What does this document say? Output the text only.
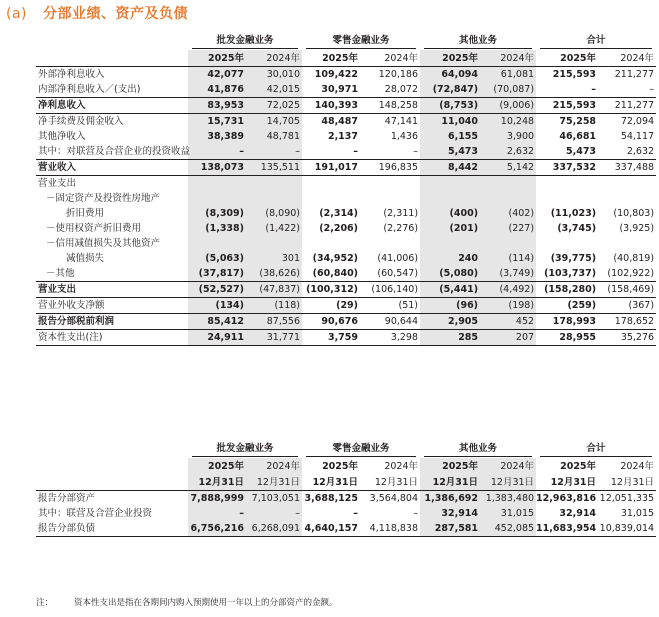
(a) 分部业绩、资产及负债

	批发金融业务		零售金融业务		其他业务		合计	

	2025年	2024年	2025年	2024年	2025年	2024年	2025年	2024年
外部净利息收入	42,077	30,010	109,422	120,186	64,094	61,081	215,593	211,277
内部净利息收入／(支出)	41,876	42,015	30,971	28,072	(72,847)	(70,087)	–	–
净利息收入	83,953	72,025	140,393	148,258	(8,753)	(9,006)	215,593	211,277
净手续费及佣金收入	15,731	14,705	48,487	47,141	11,040	10,248	75,258	72,094
其他净收入	38,389	48,781	2,137	1,436	6,155	3,900	46,681	54,117
其中：对联营及合营企业的投资收益	–	–	–	–	5,473	2,632	5,473	2,632
营业收入	138,073	135,511	191,017	196,835	8,442	5,142	337,532	337,488
营业支出								
－固定资产及投资性房地产								
折旧费用	(8,309)	(8,090)	(2,314)	(2,311)	(400)	(402)	(11,023)	(10,803)
－使用权资产折旧费用	(1,338)	(1,422)	(2,206)	(2,276)	(201)	(227)	(3,745)	(3,925)
－信用减值损失及其他资产								
减值损失	(5,063)	301	(34,952)	(41,006)	240	(114)	(39,775)	(40,819)
－其他	(37,817)	(38,626)	(60,840)	(60,547)	(5,080)	(3,749)	(103,737)	(102,922)
营业支出	(52,527)	(47,837)	(100,312)	(106,140)	(5,441)	(4,492)	(158,280)	(158,469)
营业外收支净额	(134)	(118)	(29)	(51)	(96)	(198)	(259)	(367)
报告分部税前利润	85,412	87,556	90,676	90,644	2,905	452	178,993	178,652
资本性支出(注)	24,911	31,771	3,759	3,298	285	207	28,955	35,276

	批发金融业务		零售金融业务		其他业务		合计	

	2025年	2024年	2025年	2024年	2025年	2024年	2025年	2024年
	12月31日	12月31日	12月31日	12月31日	12月31日	12月31日	12月31日	12月31日
报告分部资产	7,888,999	7,103,051	3,688,125	3,564,804	1,386,692	1,383,480	12,963,816	12,051,335
其中：联营及合营企业投资	–	–	–	–	32,914	31,015	32,914	31,015
报告分部负债	6,756,216	6,268,091	4,640,157	4,118,838	287,581	452,085	11,683,954	10,839,014
注： 资本性支出是指在各期间内购入预期使用一年以上的分部资产的金额。
